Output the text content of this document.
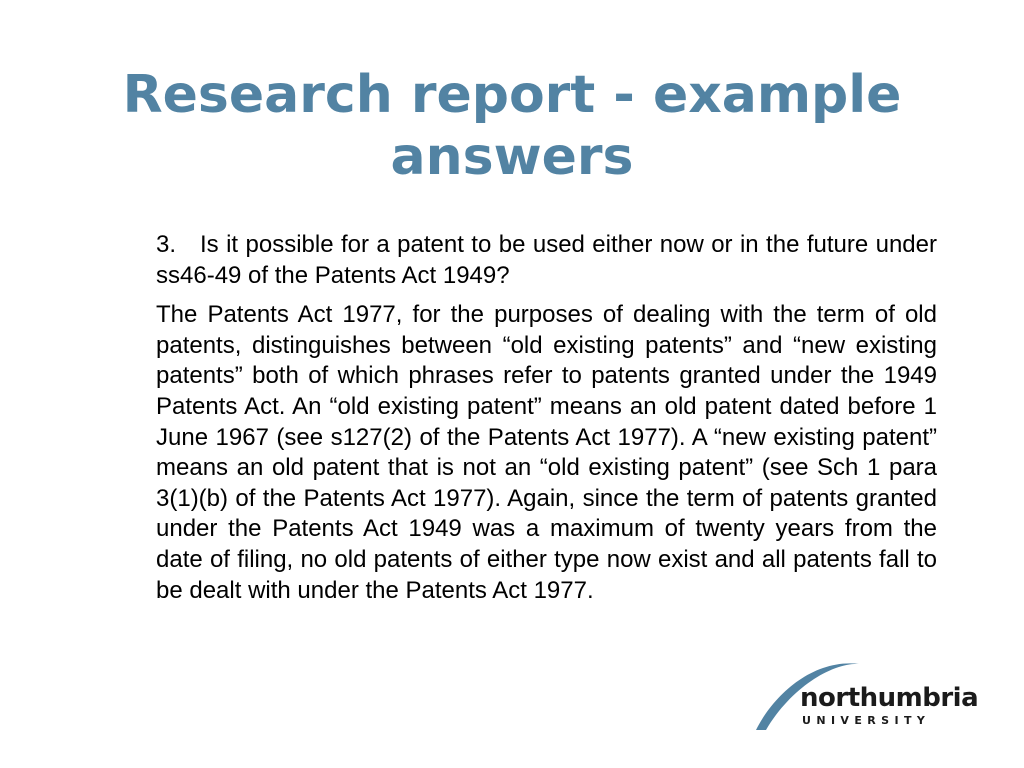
Research report - example
answers

3. Is it possible for a patent to be used either now or in the future under ss46-49 of the Patents Act 1949?

The Patents Act 1977, for the purposes of dealing with the term of old patents, distinguishes between “old existing patents” and “new existing patents” both of which phrases refer to patents granted under the 1949 Patents Act. An “old existing patent” means an old patent dated before 1 June 1967 (see s127(2) of the Patents Act 1977). A “new existing patent” means an old patent that is not an “old existing patent” (see Sch 1 para 3(1)(b) of the Patents Act 1977). Again, since the term of patents granted under the Patents Act 1949 was a maximum of twenty years from the date of filing, no old patents of either type now exist and all patents fall to be dealt with under the Patents Act 1977.

northumbria
UNIVERSITY
